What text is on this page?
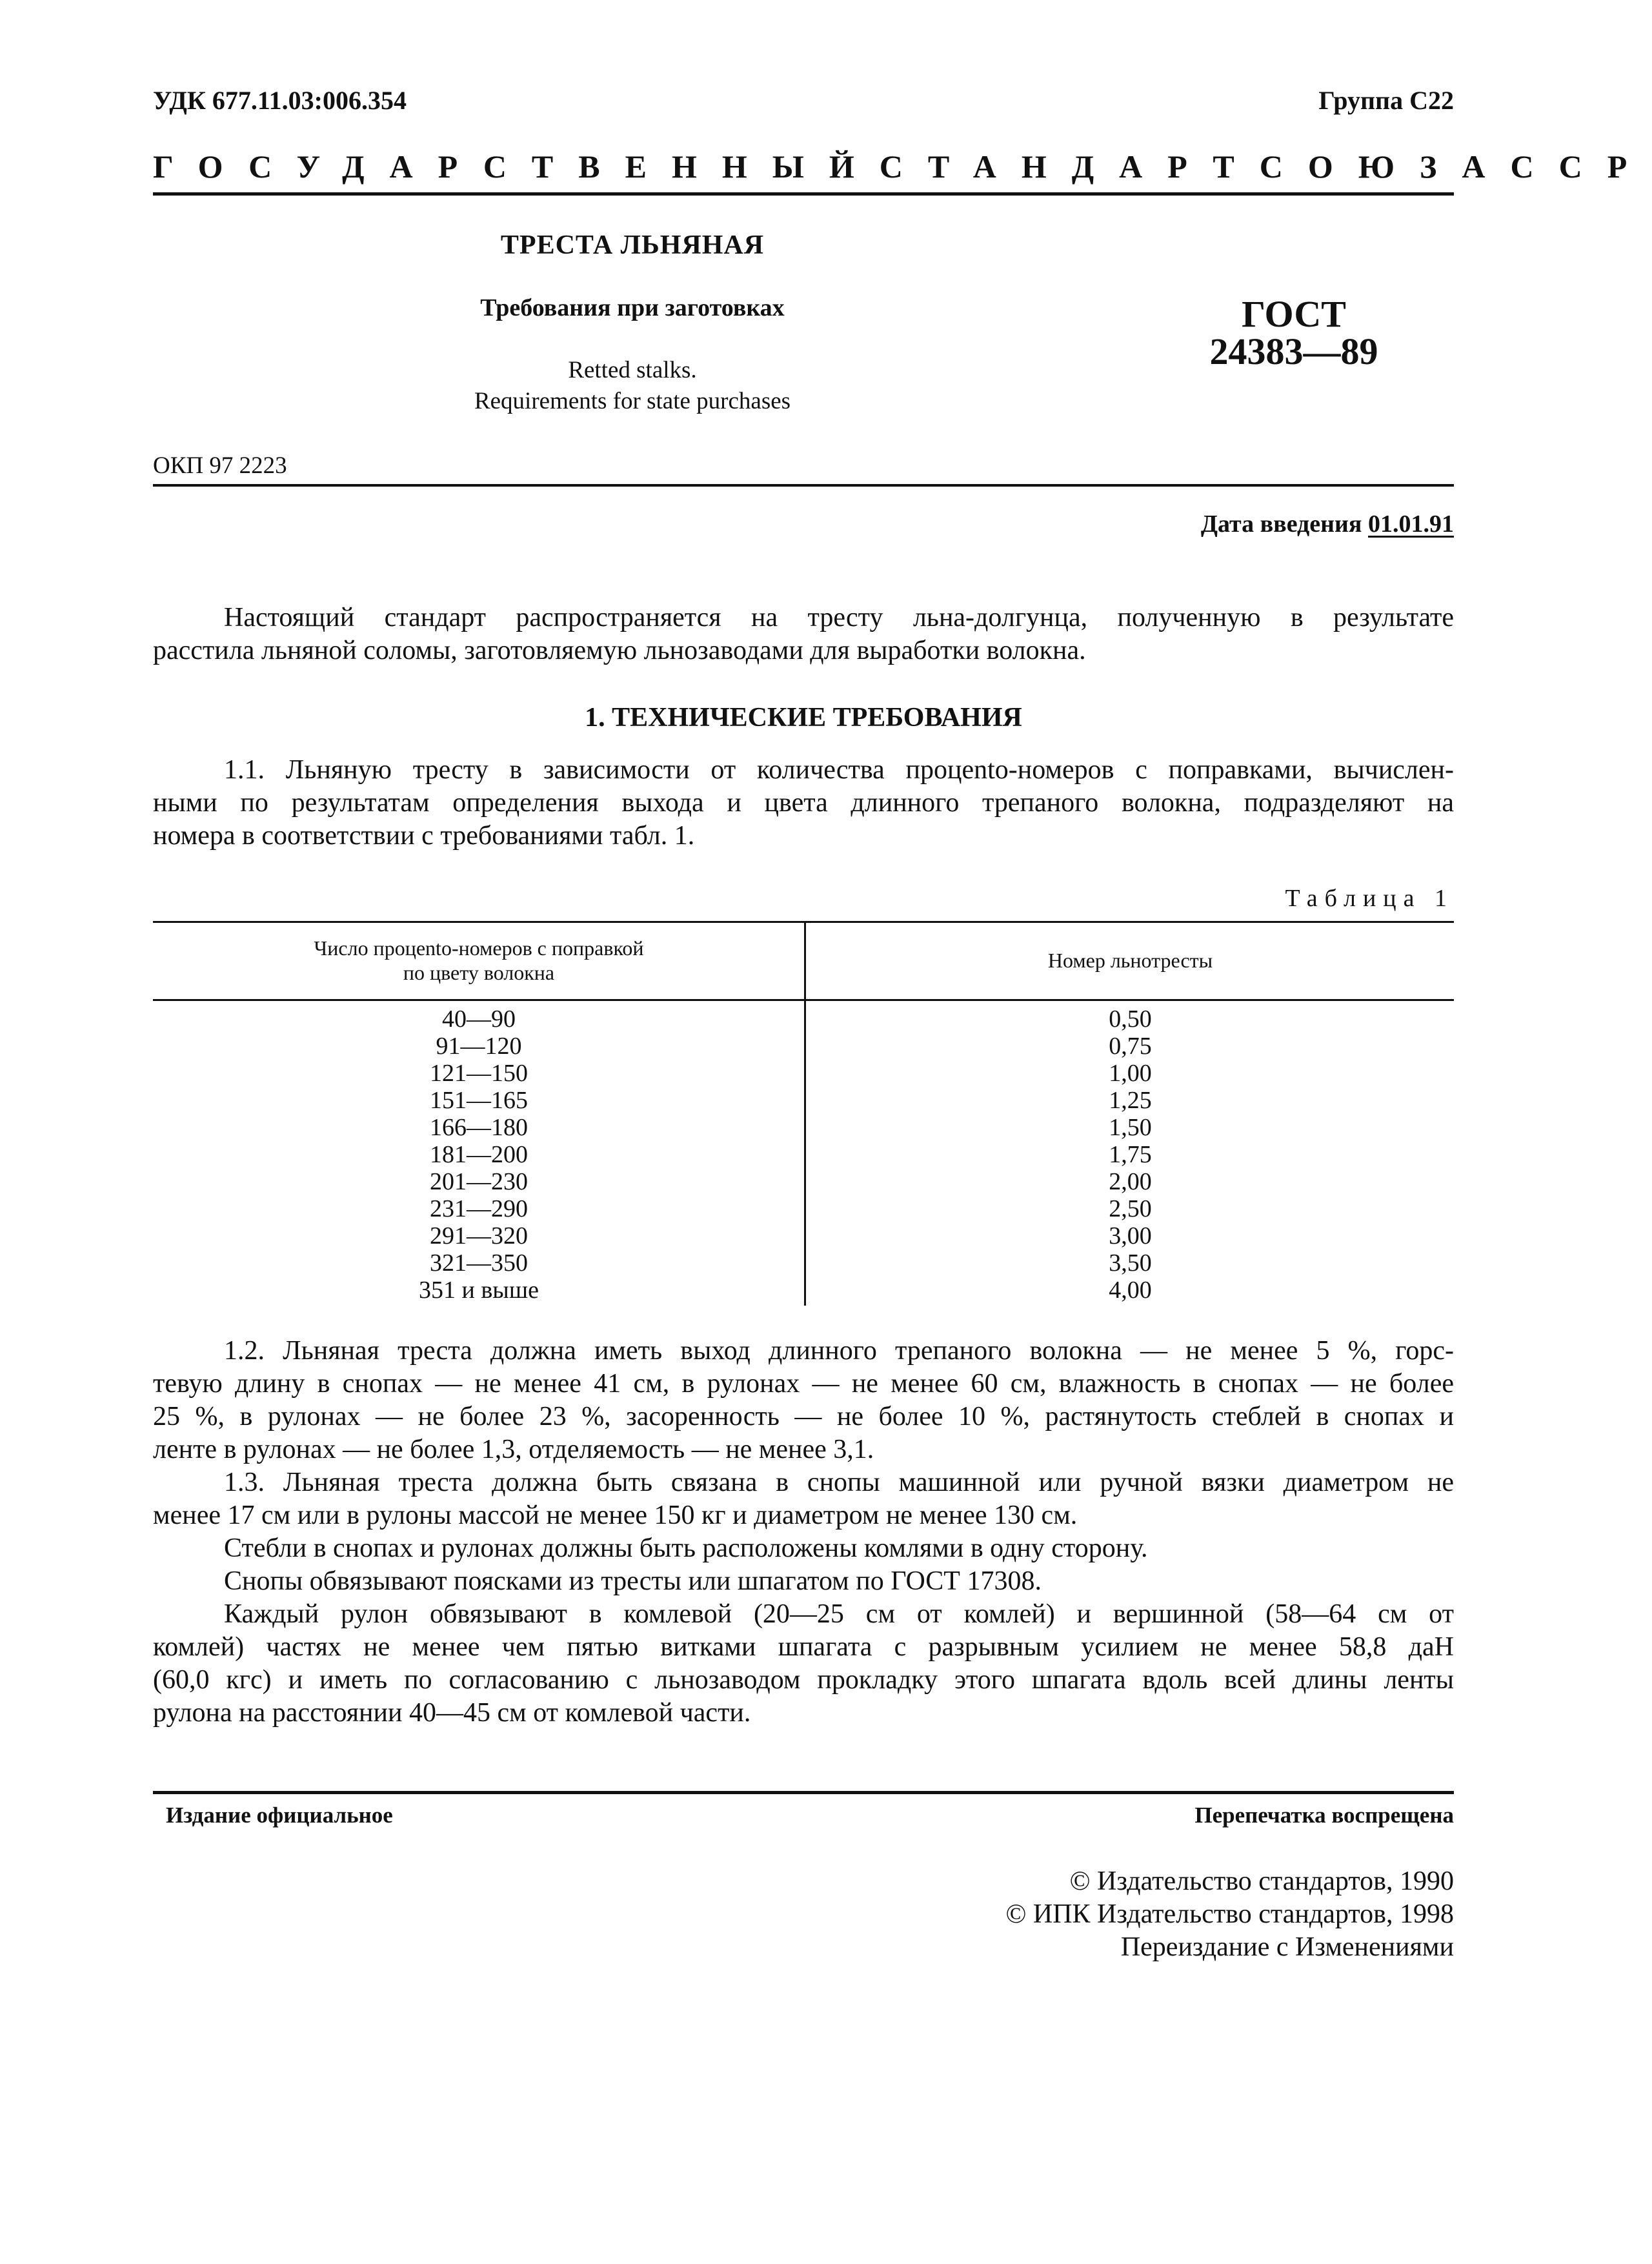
УДК 677.11.03:006.354	Группа С22
ГОСУДАРСТВЕННЫЙ СТАНДАРТ СОЮЗА ССР
ТРЕСТА ЛЬНЯНАЯ
Требования при заготовках
Retted stalks.
Requirements for state purchases
ГОСТ
24383—89
ОКП 97 2223
Дата введения 01.01.91
Настоящий стандарт распространяется на тресту льна-долгунца, полученную в результате
расстила льняной соломы, заготовляемую льнозаводами для выработки волокна.
1. ТЕХНИЧЕСКИЕ ТРЕБОВАНИЯ
1.1. Льняную тресту в зависимости от количества процento-номеров с поправками, вычислен-
ными по результатам определения выхода и цвета длинного трепаного волокна, подразделяют на
номера в соответствии с требованиями табл. 1.
Таблица 1
Число процento-номеров с поправкой
по цвету волокна
Номер льнотресты
40—90
91—120
121—150
151—165
166—180
181—200
201—230
231—290
291—320
321—350
351 и выше
0,50
0,75
1,00
1,25
1,50
1,75
2,00
2,50
3,00
3,50
4,00
1.2. Льняная треста должна иметь выход длинного трепаного волокна — не менее 5 %, горс-
тевую длину в снопах — не менее 41 см, в рулонах — не менее 60 см, влажность в снопах — не более
25 %, в рулонах — не более 23 %, засоренность — не более 10 %, растянутость стеблей в снопах и
ленте в рулонах — не более 1,3, отделяемость — не менее 3,1.
1.3. Льняная треста должна быть связана в снопы машинной или ручной вязки диаметром не
менее 17 см или в рулоны массой не менее 150 кг и диаметром не менее 130 см.
Стебли в снопах и рулонах должны быть расположены комлями в одну сторону.
Снопы обвязывают поясками из тресты или шпагатом по ГОСТ 17308.
Каждый рулон обвязывают в комлевой (20—25 см от комлей) и вершинной (58—64 см от
комлей) частях не менее чем пятью витками шпагата с разрывным усилием не менее 58,8 даН
(60,0 кгс) и иметь по согласованию с льнозаводом прокладку этого шпагата вдоль всей длины ленты
рулона на расстоянии 40—45 см от комлевой части.
Издание официальное	Перепечатка воспрещена
© Издательство стандартов, 1990
© ИПК Издательство стандартов, 1998
Переиздание с Изменениями
